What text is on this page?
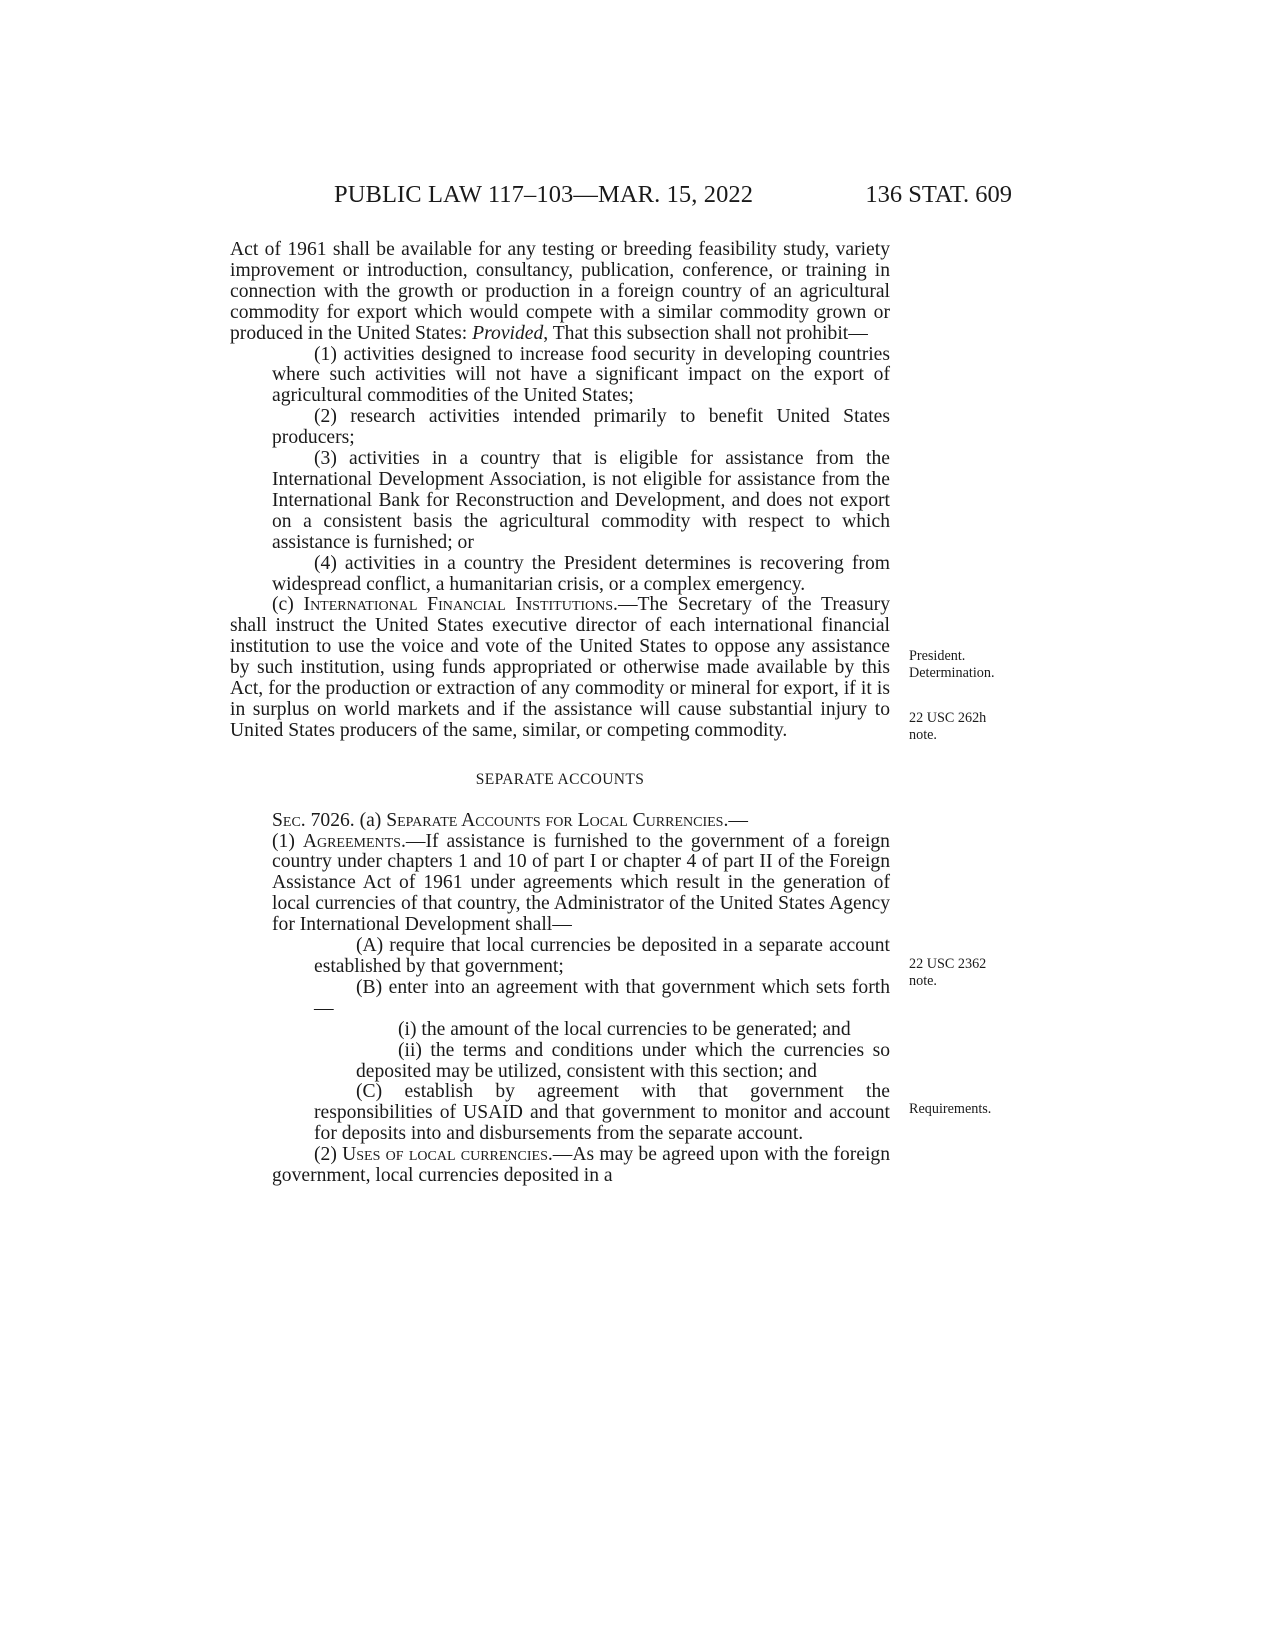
PUBLIC LAW 117–103—MAR. 15, 2022	136 STAT. 609

Act of 1961 shall be available for any testing or breeding feasibility study, variety improvement or introduction, consultancy, publication, conference, or training in connection with the growth or production in a foreign country of an agricultural commodity for export which would compete with a similar commodity grown or produced in the United States: Provided, That this subsection shall not prohibit—

(1) activities designed to increase food security in developing countries where such activities will not have a significant impact on the export of agricultural commodities of the United States;

(2) research activities intended primarily to benefit United States producers;

(3) activities in a country that is eligible for assistance from the International Development Association, is not eligible for assistance from the International Bank for Reconstruction and Development, and does not export on a consistent basis the agricultural commodity with respect to which assistance is furnished; or

(4) activities in a country the President determines is recovering from widespread conflict, a humanitarian crisis, or a complex emergency.

(c) International Financial Institutions.—The Secretary of the Treasury shall instruct the United States executive director of each international financial institution to use the voice and vote of the United States to oppose any assistance by such institution, using funds appropriated or otherwise made available by this Act, for the production or extraction of any commodity or mineral for export, if it is in surplus on world markets and if the assistance will cause substantial injury to United States producers of the same, similar, or competing commodity.

SEPARATE ACCOUNTS

Sec. 7026. (a) Separate Accounts for Local Currencies.—

(1) Agreements.—If assistance is furnished to the government of a foreign country under chapters 1 and 10 of part I or chapter 4 of part II of the Foreign Assistance Act of 1961 under agreements which result in the generation of local currencies of that country, the Administrator of the United States Agency for International Development shall—

(A) require that local currencies be deposited in a separate account established by that government;

(B) enter into an agreement with that government which sets forth—

(i) the amount of the local currencies to be generated; and

(ii) the terms and conditions under which the currencies so deposited may be utilized, consistent with this section; and

(C) establish by agreement with that government the responsibilities of USAID and that government to monitor and account for deposits into and disbursements from the separate account.

(2) Uses of local currencies.—As may be agreed upon with the foreign government, local currencies deposited in a

President.
Determination.
22 USC 262h
note.
22 USC 2362
note.
Requirements.
